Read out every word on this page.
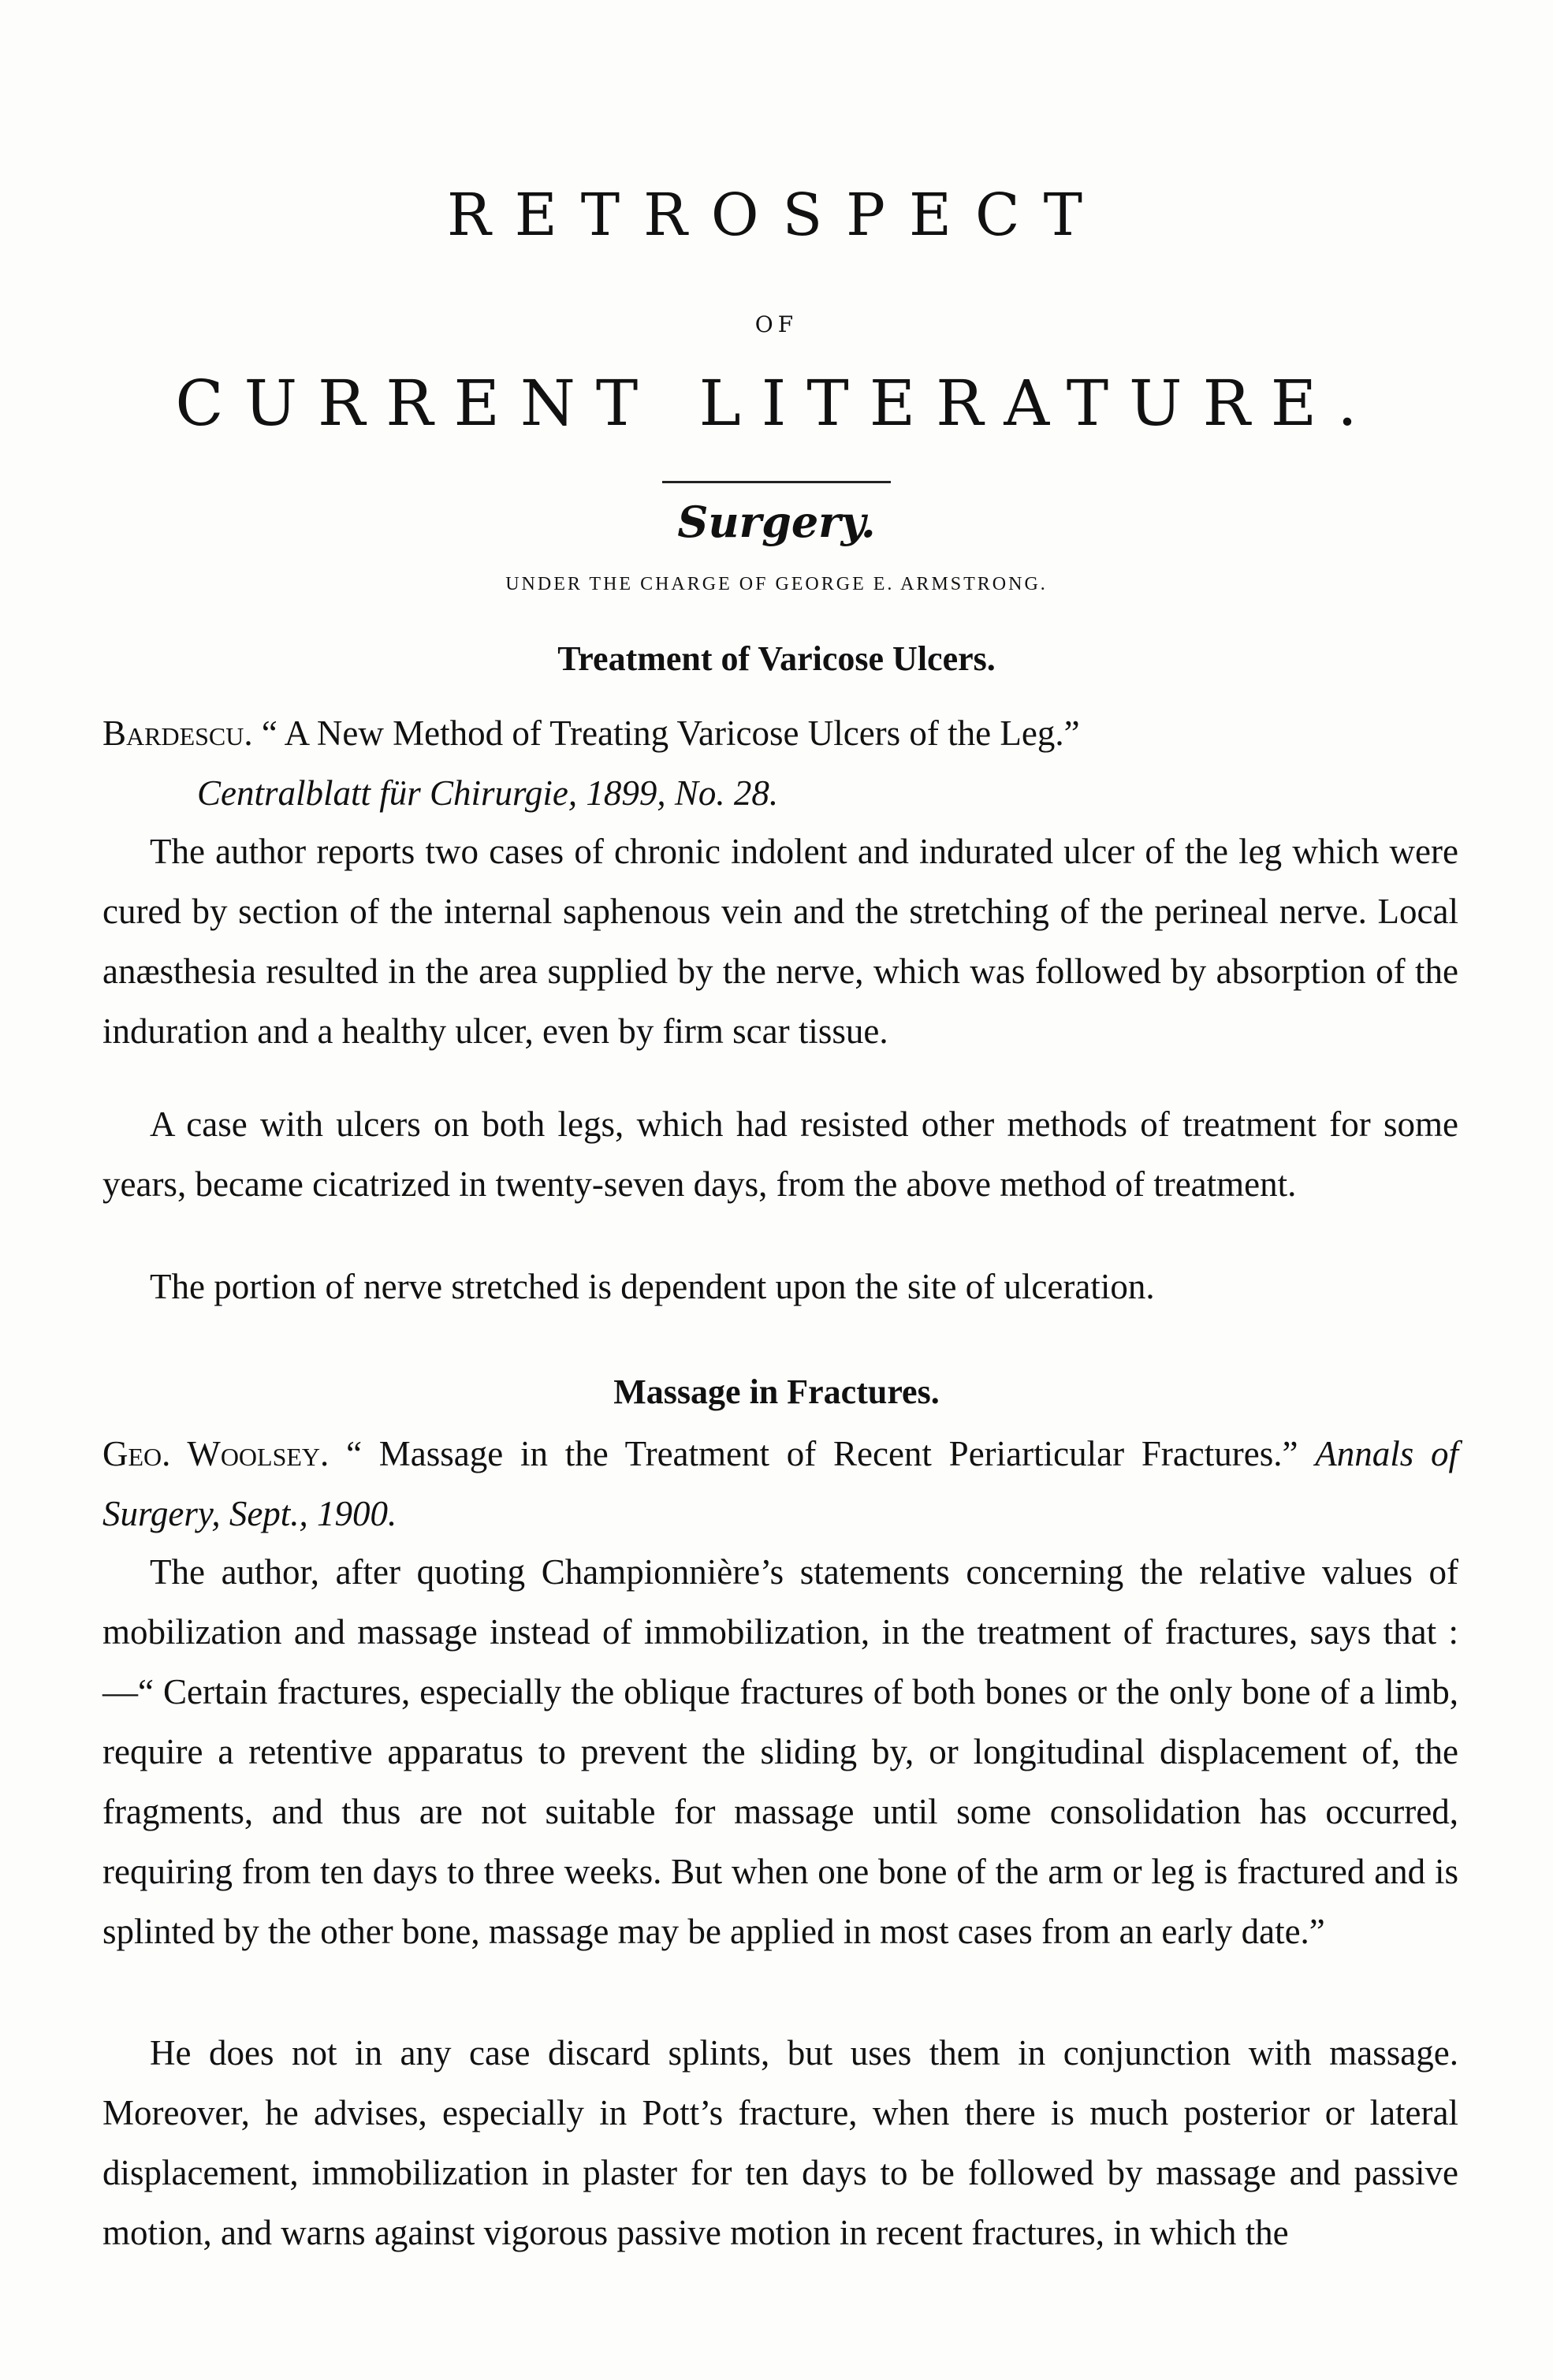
RETROSPECT
OF
CURRENT LITERATURE.
Surgery.
UNDER THE CHARGE OF GEORGE E. ARMSTRONG.
Treatment of Varicose Ulcers.
Bardescu. “ A New Method of Treating Varicose Ulcers of the Leg.”
Centralblatt für Chirurgie, 1899, No. 28.
The author reports two cases of chronic indolent and indurated ulcer of the leg which were cured by section of the internal saphenous vein and the stretching of the perineal nerve. Local anæsthesia resulted in the area supplied by the nerve, which was followed by absorption of the induration and a healthy ulcer, even by firm scar tissue.
A case with ulcers on both legs, which had resisted other methods of treatment for some years, became cicatrized in twenty-seven days, from the above method of treatment.
The portion of nerve stretched is dependent upon the site of ulceration.
Massage in Fractures.
Geo. Woolsey. “ Massage in the Treatment of Recent Periarticular Fractures.” Annals of Surgery, Sept., 1900.
The author, after quoting Championnière’s statements concerning the relative values of mobilization and massage instead of immobilization, in the treatment of fractures, says that :—“ Certain fractures, especially the oblique fractures of both bones or the only bone of a limb, require a retentive apparatus to prevent the sliding by, or longitudinal displacement of, the fragments, and thus are not suitable for massage until some consolidation has occurred, requiring from ten days to three weeks. But when one bone of the arm or leg is fractured and is splinted by the other bone, massage may be applied in most cases from an early date.”
He does not in any case discard splints, but uses them in conjunction with massage. Moreover, he advises, especially in Pott’s fracture, when there is much posterior or lateral displacement, immobilization in plaster for ten days to be followed by massage and passive motion, and warns against vigorous passive motion in recent fractures, in which the
